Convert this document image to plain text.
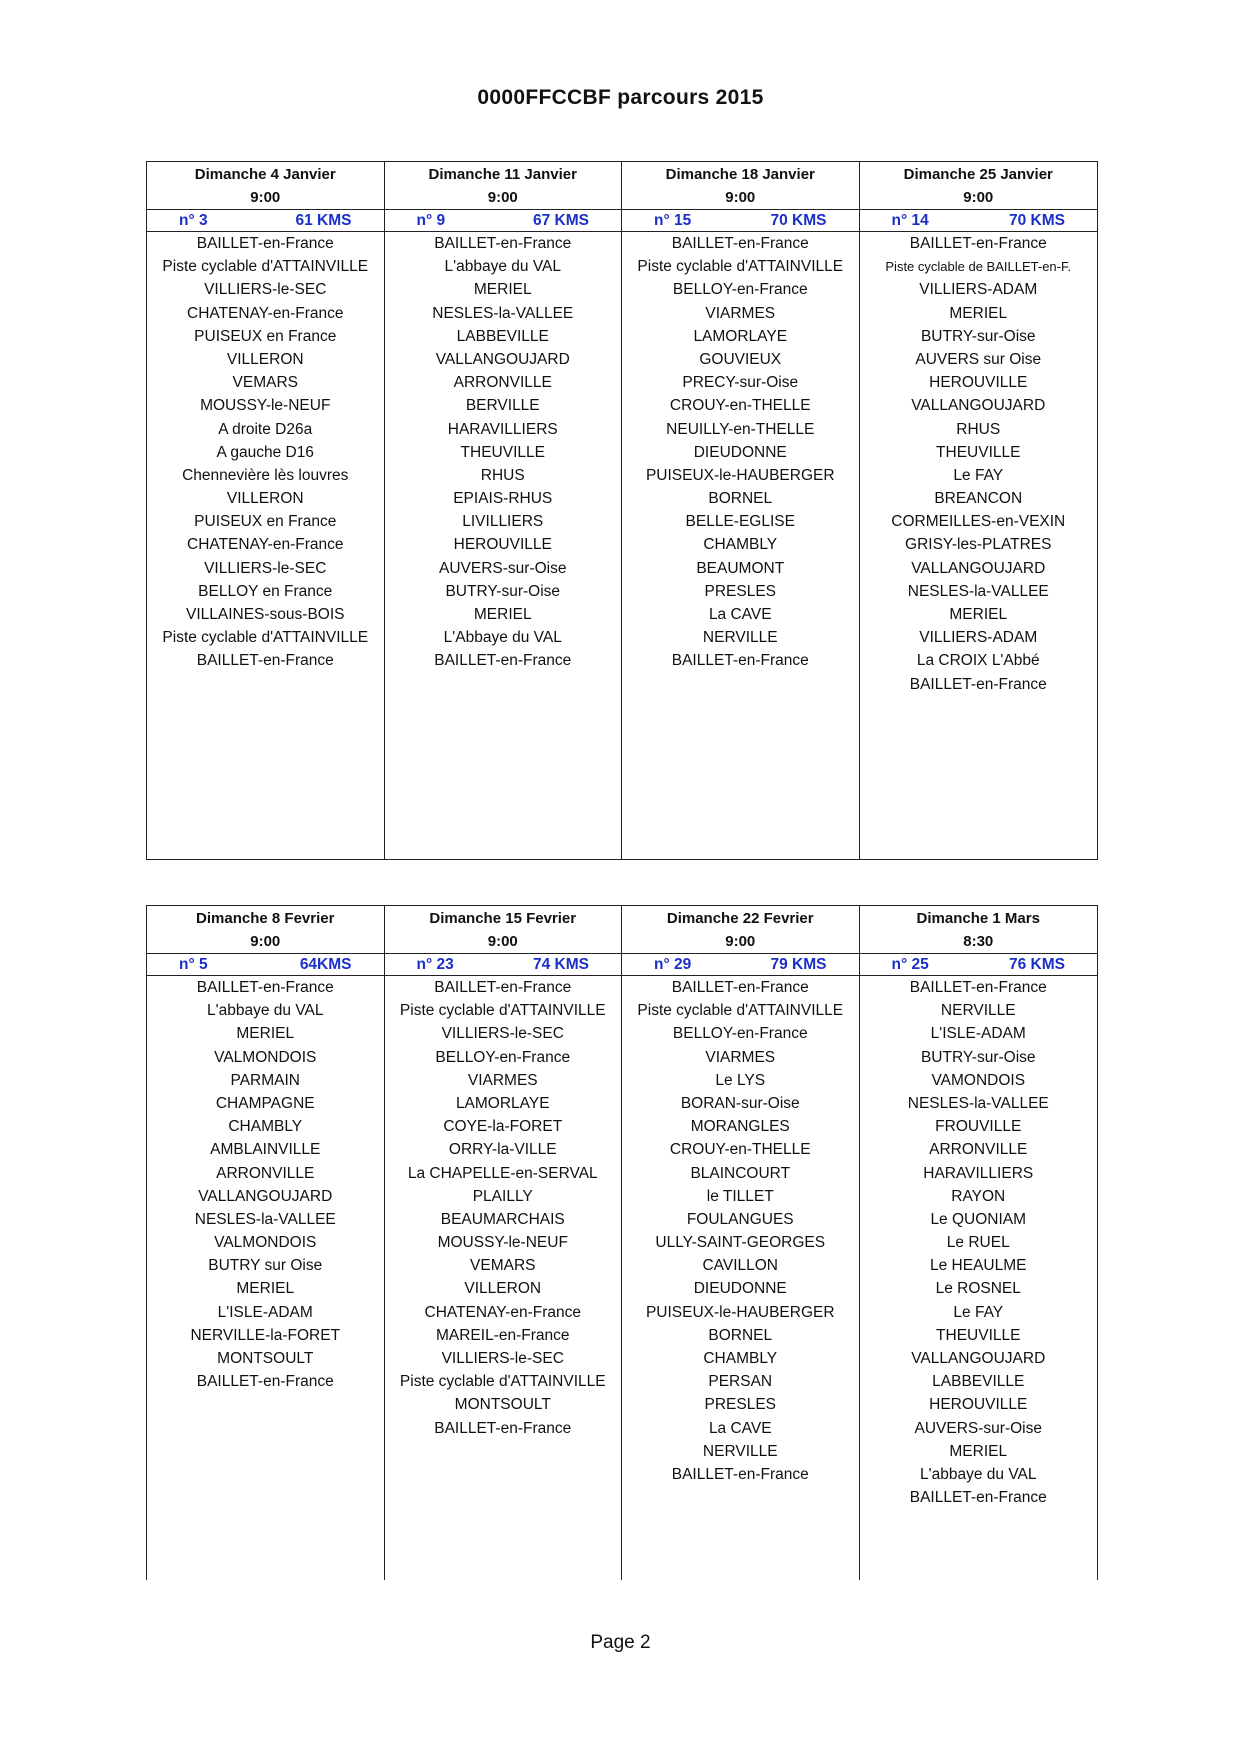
0000FFCCBF parcours 2015
Dimanche 4 Janvier
9:00
n° 3	61 KMS
BAILLET-en-France
Piste cyclable d'ATTAINVILLE
VILLIERS-le-SEC
CHATENAY-en-France
PUISEUX en France
VILLERON
VEMARS
MOUSSY-le-NEUF
A droite D26a
A gauche D16
Chennevière lès louvres
VILLERON
PUISEUX en France
CHATENAY-en-France
VILLIERS-le-SEC
BELLOY en France
VILLAINES-sous-BOIS
Piste cyclable d'ATTAINVILLE
BAILLET-en-France
Dimanche 11 Janvier
9:00
n° 9	67 KMS
BAILLET-en-France
L'abbaye du VAL
MERIEL
NESLES-la-VALLEE
LABBEVILLE
VALLANGOUJARD
ARRONVILLE
BERVILLE
HARAVILLIERS
THEUVILLE
RHUS
EPIAIS-RHUS
LIVILLIERS
HEROUVILLE
AUVERS-sur-Oise
BUTRY-sur-Oise
MERIEL
L'Abbaye du VAL
BAILLET-en-France
Dimanche 18 Janvier
9:00
n° 15	70 KMS
BAILLET-en-France
Piste cyclable d'ATTAINVILLE
BELLOY-en-France
VIARMES
LAMORLAYE
GOUVIEUX
PRECY-sur-Oise
CROUY-en-THELLE
NEUILLY-en-THELLE
DIEUDONNE
PUISEUX-le-HAUBERGER
BORNEL
BELLE-EGLISE
CHAMBLY
BEAUMONT
PRESLES
La CAVE
NERVILLE
BAILLET-en-France
Dimanche 25 Janvier
9:00
n° 14	70 KMS
BAILLET-en-France
Piste cyclable de BAILLET-en-F.
VILLIERS-ADAM
MERIEL
BUTRY-sur-Oise
AUVERS sur Oise
HEROUVILLE
VALLANGOUJARD
RHUS
THEUVILLE
Le FAY
BREANCON
CORMEILLES-en-VEXIN
GRISY-les-PLATRES
VALLANGOUJARD
NESLES-la-VALLEE
MERIEL
VILLIERS-ADAM
La CROIX L'Abbé
BAILLET-en-France
Dimanche 8 Fevrier
9:00
n° 5	64KMS
BAILLET-en-France
L'abbaye du VAL
MERIEL
VALMONDOIS
PARMAIN
CHAMPAGNE
CHAMBLY
AMBLAINVILLE
ARRONVILLE
VALLANGOUJARD
NESLES-la-VALLEE
VALMONDOIS
BUTRY sur Oise
MERIEL
L'ISLE-ADAM
NERVILLE-la-FORET
MONTSOULT
BAILLET-en-France
Dimanche 15 Fevrier
9:00
n° 23	74 KMS
BAILLET-en-France
Piste cyclable d'ATTAINVILLE
VILLIERS-le-SEC
BELLOY-en-France
VIARMES
LAMORLAYE
COYE-la-FORET
ORRY-la-VILLE
La CHAPELLE-en-SERVAL
PLAILLY
BEAUMARCHAIS
MOUSSY-le-NEUF
VEMARS
VILLERON
CHATENAY-en-France
MAREIL-en-France
VILLIERS-le-SEC
Piste cyclable d'ATTAINVILLE
MONTSOULT
BAILLET-en-France
Dimanche 22 Fevrier
9:00
n° 29	79 KMS
BAILLET-en-France
Piste cyclable d'ATTAINVILLE
BELLOY-en-France
VIARMES
Le LYS
BORAN-sur-Oise
MORANGLES
CROUY-en-THELLE
BLAINCOURT
le TILLET
FOULANGUES
ULLY-SAINT-GEORGES
CAVILLON
DIEUDONNE
PUISEUX-le-HAUBERGER
BORNEL
CHAMBLY
PERSAN
PRESLES
La CAVE
NERVILLE
BAILLET-en-France
Dimanche 1 Mars
8:30
n° 25	76 KMS
BAILLET-en-France
NERVILLE
L'ISLE-ADAM
BUTRY-sur-Oise
VAMONDOIS
NESLES-la-VALLEE
FROUVILLE
ARRONVILLE
HARAVILLIERS
RAYON
Le QUONIAM
Le RUEL
Le HEAULME
Le ROSNEL
Le FAY
THEUVILLE
VALLANGOUJARD
LABBEVILLE
HEROUVILLE
AUVERS-sur-Oise
MERIEL
L'abbaye du VAL
BAILLET-en-France
Page 2
